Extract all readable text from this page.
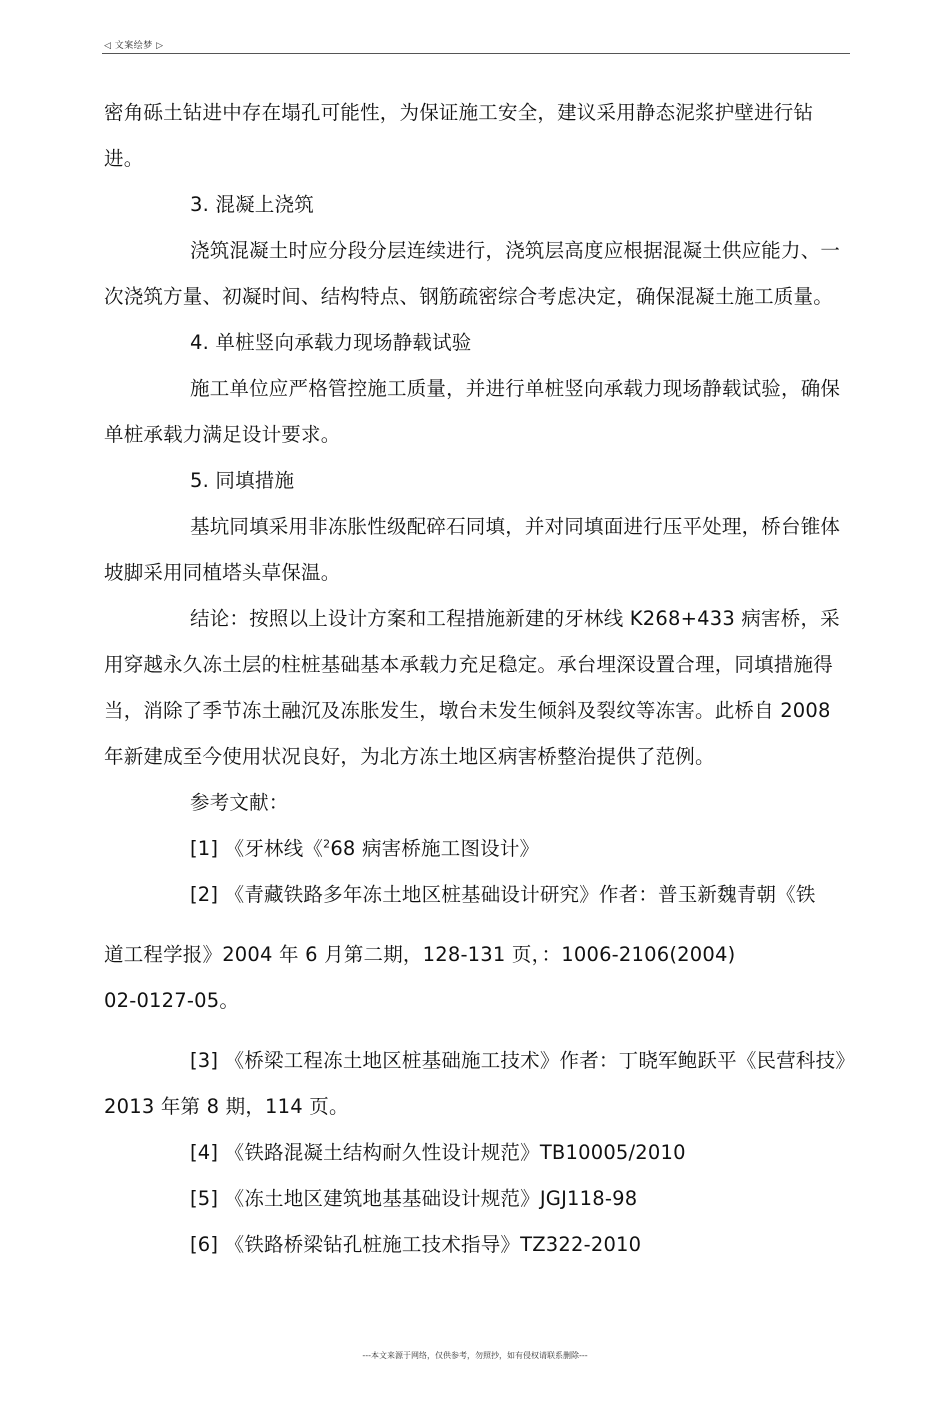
◁ 文案绘梦 ▷

密角砾土钻进中存在塌孔可能性，为保证施工安全，建议采用静态泥浆护壁进行钻进。

3. 混凝上浇筑

浇筑混凝土时应分段分层连续进行，浇筑层高度应根据混凝土供应能力、一次浇筑方量、初凝时间、结构特点、钢筋疏密综合考虑决定，确保混凝土施工质量。

4. 单桩竖向承载力现场静载试验

施工单位应严格管控施工质量，并进行单桩竖向承载力现场静载试验，确保单桩承载力满足设计要求。

5. 同填措施

基坑同填采用非冻胀性级配碎石同填，并对同填面进行压平处理，桥台锥体坡脚采用同植塔头草保温。

结论：按照以上设计方案和工程措施新建的牙林线 K268+433 病害桥，采用穿越永久冻土层的柱桩基础基本承载力充足稳定。承台埋深设置合理，同填措施得当，消除了季节冻土融沉及冻胀发生，墩台未发生倾斜及裂纹等冻害。此桥自 2008 年新建成至今使用状况良好，为北方冻土地区病害桥整治提供了范例。

参考文献：

[1] 《牙林线《$^2$68 病害桥施工图设计》

[2] 《青藏铁路多年冻土地区桩基础设计研究》作者：普玉新魏青朝《铁

道工程学报》2004 年 6 月第二期，128-131 页，：1006-2106(2004)

02-0127-05。

[3] 《桥梁工程冻土地区桩基础施工技术》作者：丁晓军鲍跃平《民营科技》2013 年第 8 期，114 页。

[4] 《铁路混凝土结构耐久性设计规范》TB10005/2010

[5] 《冻土地区建筑地基基础设计规范》JGJ118-98

[6] 《铁路桥梁钻孔桩施工技术指导》TZ322-2010

---本文来源于网络，仅供参考，勿照抄，如有侵权请联系删除---
